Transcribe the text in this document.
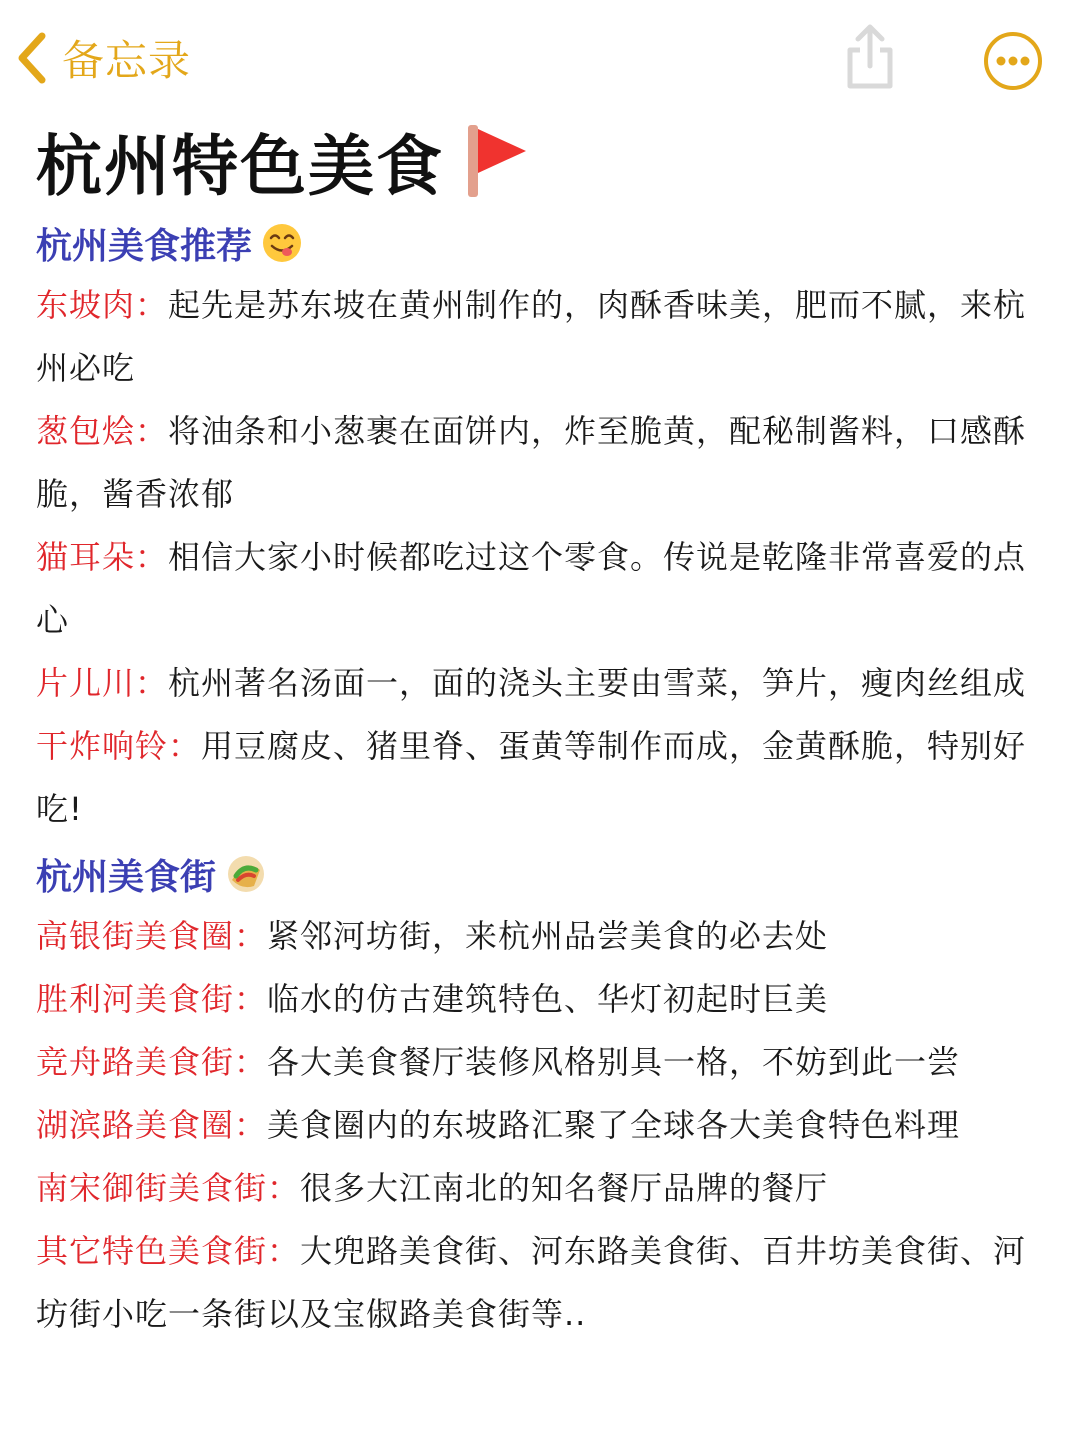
备忘录
杭州特色美食
杭州美食推荐
东坡肉：起先是苏东坡在黄州制作的，肉酥香味美，肥而不腻，来杭州必吃
葱包烩：将油条和小葱裹在面饼内，炸至脆黄，配秘制酱料，口感酥脆，酱香浓郁
猫耳朵：相信大家小时候都吃过这个零食。传说是乾隆非常喜爱的点心
片儿川：杭州著名汤面一，面的浇头主要由雪菜，笋片，瘦肉丝组成
干炸响铃：用豆腐皮、猪里脊、蛋黄等制作而成，金黄酥脆，特别好吃!
杭州美食街
高银街美食圈：紧邻河坊街，来杭州品尝美食的必去处
胜利河美食街：临水的仿古建筑特色、华灯初起时巨美
竞舟路美食街：各大美食餐厅装修风格别具一格，不妨到此一尝
湖滨路美食圈：美食圈内的东坡路汇聚了全球各大美食特色料理
南宋御街美食街：很多大江南北的知名餐厅品牌的餐厅
其它特色美食街：大兜路美食街、河东路美食街、百井坊美食街、河坊街小吃一条街以及宝俶路美食街等..
